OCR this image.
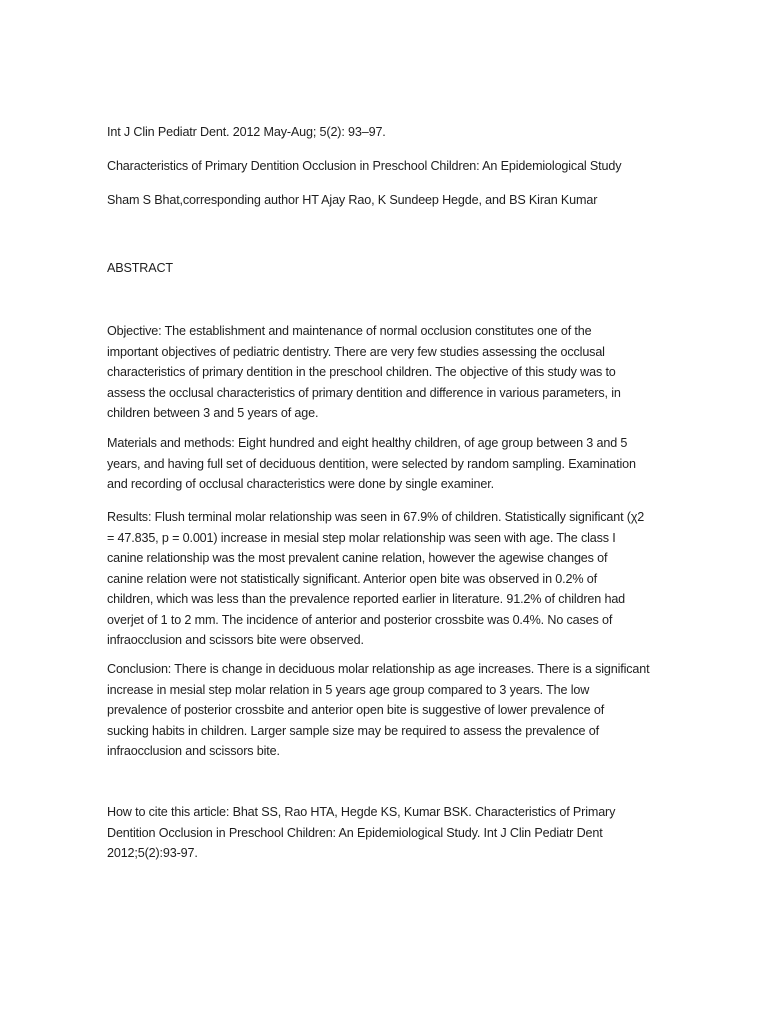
Int J Clin Pediatr Dent. 2012 May-Aug; 5(2): 93–97.

Characteristics of Primary Dentition Occlusion in Preschool Children: An Epidemiological Study

Sham S Bhat,corresponding author HT Ajay Rao, K Sundeep Hegde, and BS Kiran Kumar

ABSTRACT

Objective: The establishment and maintenance of normal occlusion constitutes one of the
important objectives of pediatric dentistry. There are very few studies assessing the occlusal
characteristics of primary dentition in the preschool children. The objective of this study was to
assess the occlusal characteristics of primary dentition and difference in various parameters, in
children between 3 and 5 years of age.

Materials and methods: Eight hundred and eight healthy children, of age group between 3 and 5
years, and having full set of deciduous dentition, were selected by random sampling. Examination
and recording of occlusal characteristics were done by single examiner.

Results: Flush terminal molar relationship was seen in 67.9% of children. Statistically significant (χ2
= 47.835, p = 0.001) increase in mesial step molar relationship was seen with age. The class I
canine relationship was the most prevalent canine relation, however the agewise changes of
canine relation were not statistically significant. Anterior open bite was observed in 0.2% of
children, which was less than the prevalence reported earlier in literature. 91.2% of children had
overjet of 1 to 2 mm. The incidence of anterior and posterior crossbite was 0.4%. No cases of
infraocclusion and scissors bite were observed.

Conclusion: There is change in deciduous molar relationship as age increases. There is a significant
increase in mesial step molar relation in 5 years age group compared to 3 years. The low
prevalence of posterior crossbite and anterior open bite is suggestive of lower prevalence of
sucking habits in children. Larger sample size may be required to assess the prevalence of
infraocclusion and scissors bite.

How to cite this article: Bhat SS, Rao HTA, Hegde KS, Kumar BSK. Characteristics of Primary
Dentition Occlusion in Preschool Children: An Epidemiological Study. Int J Clin Pediatr Dent
2012;5(2):93-97.
